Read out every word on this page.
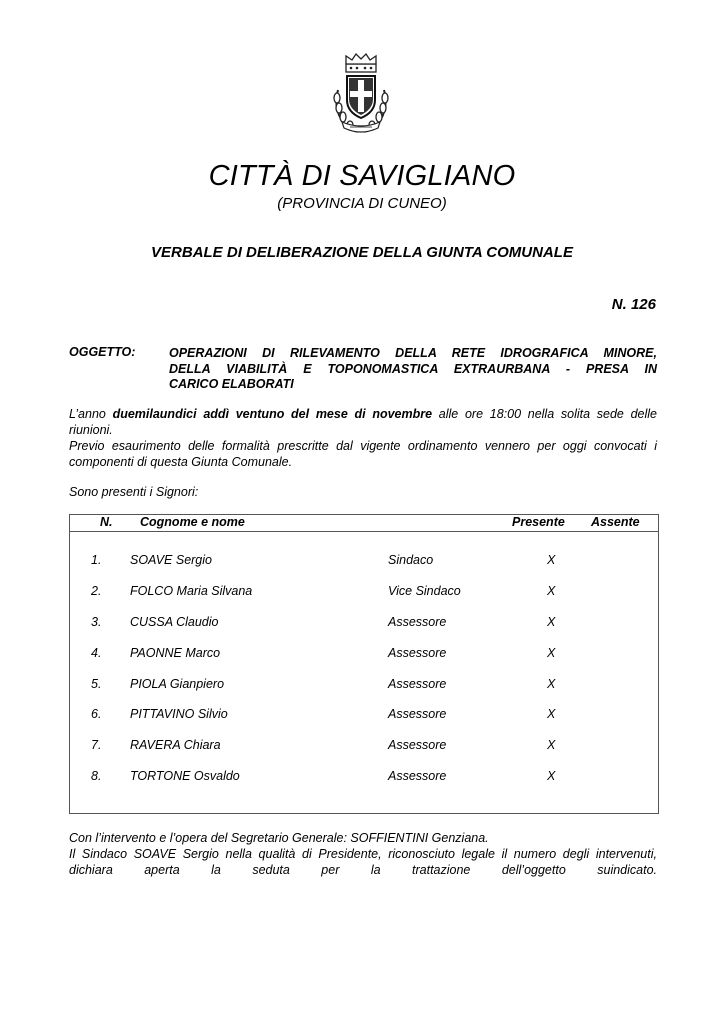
CITTÀ DI SAVIGLIANO
(PROVINCIA DI CUNEO)
VERBALE DI DELIBERAZIONE DELLA GIUNTA COMUNALE
N. 126
OGGETTO:	OPERAZIONI DI RILEVAMENTO DELLA RETE IDROGRAFICA MINORE,
DELLA VIABILITÀ E TOPONOMASTICA EXTRAURBANA - PRESA IN
CARICO ELABORATI
L’anno duemilaundici addì ventuno del mese di novembre alle ore 18:00 nella solita sede delle riunioni.
Previo esaurimento delle formalità prescritte dal vigente ordinamento vennero per oggi convocati i componenti di questa Giunta Comunale.
Sono presenti i Signori:
N. Cognome e nome	Presente Assente
1. SOAVE Sergio	Sindaco	X
2. FOLCO Maria Silvana	Vice Sindaco	X
3. CUSSA Claudio	Assessore	X
4. PAONNE Marco	Assessore	X
5. PIOLA Gianpiero	Assessore	X
6. PITTAVINO Silvio	Assessore	X
7. RAVERA Chiara	Assessore	X
8. TORTONE Osvaldo	Assessore	X
Con l’intervento e l’opera del Segretario Generale: SOFFIENTINI Genziana.
Il Sindaco SOAVE Sergio nella qualità di Presidente, riconosciuto legale il numero degli intervenuti, dichiara aperta la seduta per la trattazione dell’oggetto suindicato.
